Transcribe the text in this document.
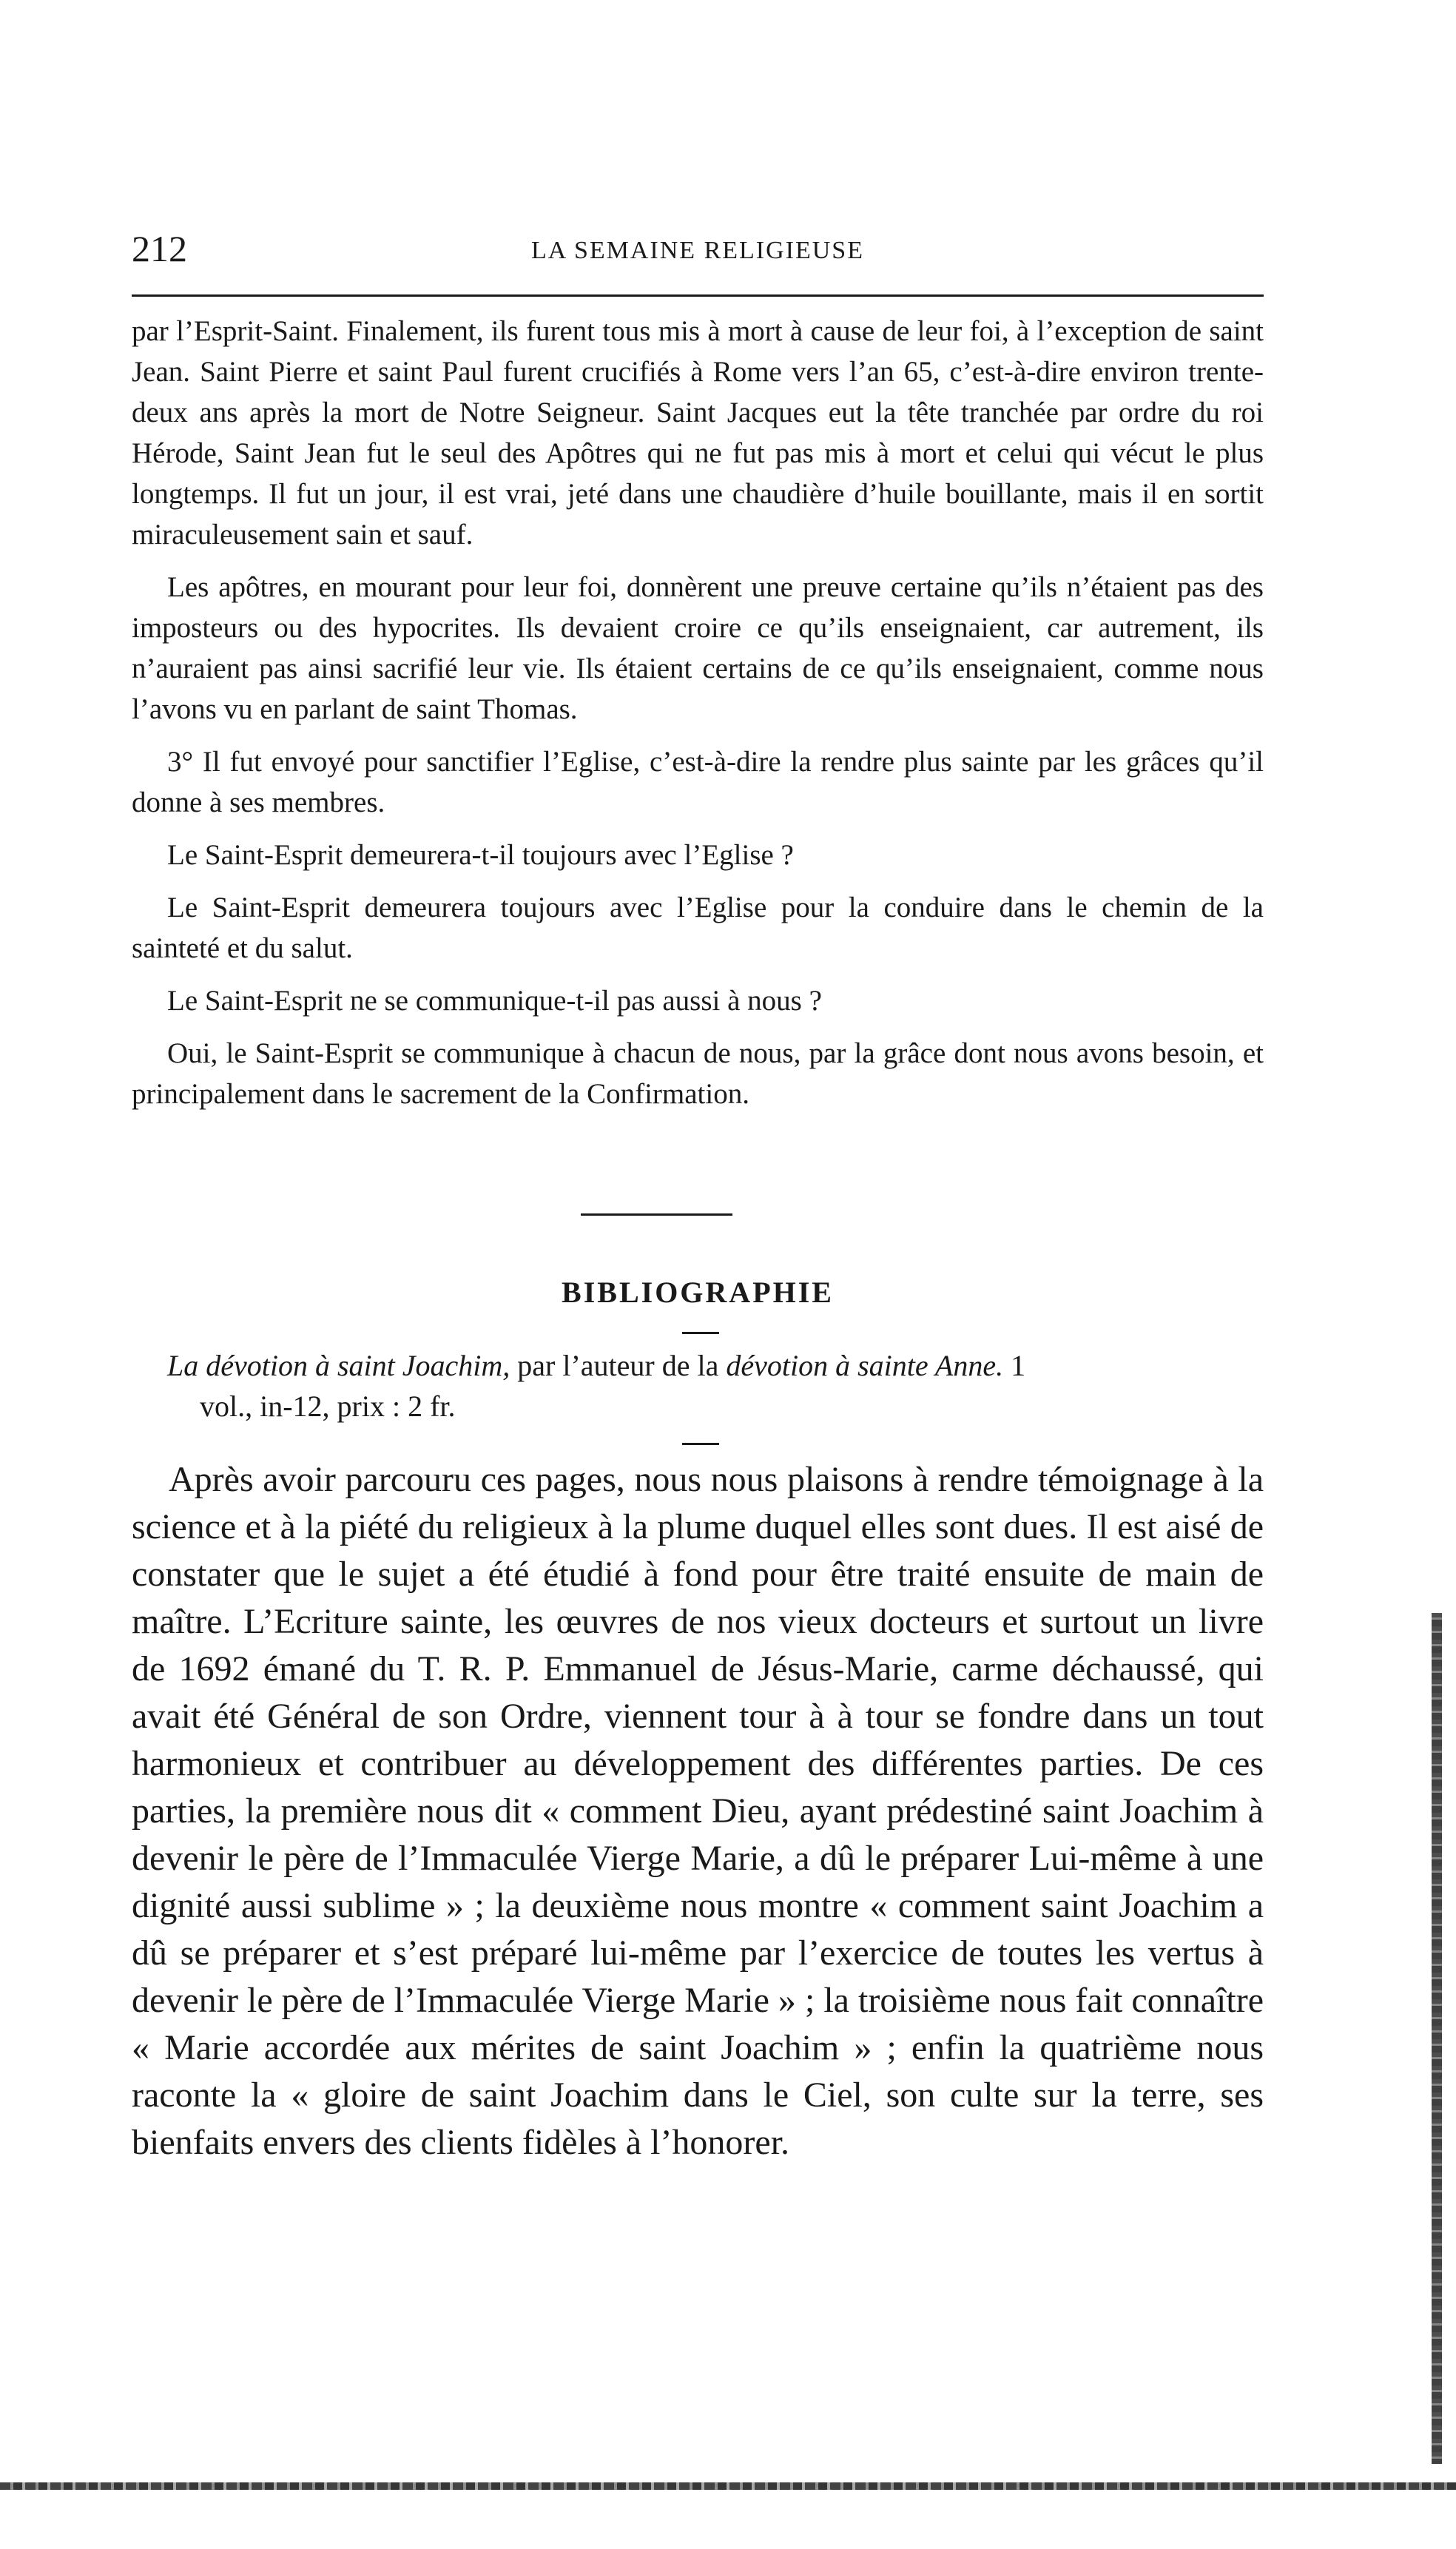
212	LA SEMAINE RELIGIEUSE

par l’Esprit-Saint. Finalement, ils furent tous mis à mort à cause de leur foi, à l’exception de saint Jean. Saint Pierre et saint Paul furent crucifiés à Rome vers l’an 65, c’est-à-dire environ trente-deux ans après la mort de Notre Seigneur. Saint Jacques eut la tête tranchée par ordre du roi Hérode, Saint Jean fut le seul des Apôtres qui ne fut pas mis à mort et celui qui vécut le plus longtemps. Il fut un jour, il est vrai, jeté dans une chaudière d’huile bouillante, mais il en sortit miraculeusement sain et sauf.

Les apôtres, en mourant pour leur foi, donnèrent une preuve certaine qu’ils n’étaient pas des imposteurs ou des hypocrites. Ils devaient croire ce qu’ils enseignaient, car autrement, ils n’auraient pas ainsi sacrifié leur vie. Ils étaient certains de ce qu’ils enseignaient, comme nous l’avons vu en parlant de saint Thomas.

3° Il fut envoyé pour sanctifier l’Eglise, c’est-à-dire la rendre plus sainte par les grâces qu’il donne à ses membres.

Le Saint-Esprit demeurera-t-il toujours avec l’Eglise ?

Le Saint-Esprit demeurera toujours avec l’Eglise pour la conduire dans le chemin de la sainteté et du salut.

Le Saint-Esprit ne se communique-t-il pas aussi à nous ?

Oui, le Saint-Esprit se communique à chacun de nous, par la grâce dont nous avons besoin, et principalement dans le sacrement de la Confirmation.

BIBLIOGRAPHIE
La dévotion à saint Joachim, par l’auteur de la dévotion à sainte Anne. 1
vol., in-12, prix : 2 fr.

Après avoir parcouru ces pages, nous nous plaisons à rendre témoignage à la science et à la piété du religieux à la plume duquel elles sont dues. Il est aisé de constater que le sujet a été étudié à fond pour être traité ensuite de main de maître. L’Ecriture sainte, les œuvres de nos vieux docteurs et surtout un livre de 1692 émané du T. R. P. Emmanuel de Jésus-Marie, carme déchaussé, qui avait été Général de son Ordre, viennent tour à à tour se fondre dans un tout harmonieux et contribuer au développement des différentes parties. De ces parties, la première nous dit « comment Dieu, ayant prédestiné saint Joachim à devenir le père de l’Immaculée Vierge Marie, a dû le préparer Lui-même à une dignité aussi sublime » ; la deuxième nous montre « comment saint Joachim a dû se préparer et s’est préparé lui-même par l’exercice de toutes les vertus à devenir le père de l’Immaculée Vierge Marie » ; la troisième nous fait connaître « Marie accordée aux mérites de saint Joachim » ; enfin la quatrième nous raconte la « gloire de saint Joachim dans le Ciel, son culte sur la terre, ses bienfaits envers des clients fidèles à l’honorer.
